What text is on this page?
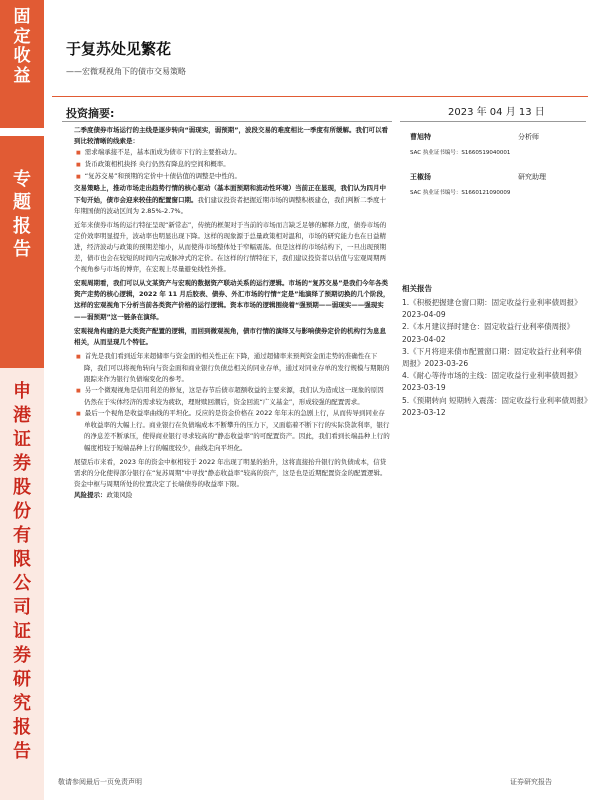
固
定
收
益
专
题
报
告
申
港
证
券
股
份
有
限
公
司
证
券
研
究
报
告
于复苏处见繁花
——宏微观视角下的债市交易策略
投资摘要:	2023 年 04 月 13 日

二季度债券市场运行的主线是逐步转向“弱现实，弱预期”，波段交易的难度相比一季度有所缓解。我们可以看到比较清晰的线索是：

■ 需求端承接不足，基本面成为债市下行的主要推动力。

■ 货币政策相机抉择 央行仍然有降息的空间和概率。

■ “复苏交易”和预期的定价中十债估值的调整是中性的。

交易策略上，推动市场走出趋势行情的核心驱动（基本面预期和流动性环境）当前正在显现，我们认为四月中下旬开始，债市会迎来较佳的配置窗口期。我们建议投资者把握近期市场的调整积极建仓，我们判断二季度十年期国债的波动区间为 2.85%-2.7%。

近年来债券市场的运行特征呈现“新常态”，传统的框架对于当前的市场而言缺乏足够的解释力度，债券市场的定价效率明显提升，波动率也明显出现下降。这样的现象源于总量政策相对温和，市场的研究能力也在日益精进，经济波动与政策的预期差缩小，从而使得市场整体处于窄幅震荡。但是这样的市场结构下，一旦出现预期差，债市也会在较短的时间内完成脉冲式的定价。在这样的行情特征下，我们建议投资者以估值与宏观周期两个视角参与市场的博弈，在宏观上尽量避免线性外推。

宏观周期看，我们可以从文某资产与宏观的数据资产联动关系的运行逻辑。市场的“复苏交易”是我们今年各类资产走势的核心逻辑，2022 年 11 月后胶表、债券、外汇市场的行情“定是”地演绎了预期切换的几个阶段，这样的宏观视角下分析当前各类资产价格的运行逻辑。资本市场的逻辑围绕着“强预期——弱现实——强现实——弱预期”这一链条在演绎。

宏观视角构建的是大类资产配置的逻辑，而回到微观视角，债市行情的演绎又与影响债券定价的机构行为息息相关，从而呈现几个特征。

■ 首先是我们看到近年来超储率与资金面的相关性正在下降，通过超储率来预判资金面走势的准确性在下降，我们可以将视角转向与资金面和商业银行负债总相关的同业存单，通过对同业存单的发行规模与期限的跟踪来作为银行负债端变化的参考。

■ 另一个微观视角是信用利差的修复，这是春节后债市超额收益的主要来源，我们认为造成这一现象的原因仍然在于实体经济的需求较为疲软，理财赎回潮后，资金回流“广义基金”，形成较强的配置需求。

■ 最后一个视角是收益率曲线的平坦化。反应的是资金价格在 2022 年年末的急剧上行，从而传导到同业存单收益率的大幅上行。商业银行在负债端成本不断攀升的压力下，又面临着不断下行的实际贷款利率，银行的净息差不断承压，使得商业银行寻求较高的“静态收益率”的可配置资产。因此，我们看到长端品种上行的幅度相较于短端品种上行的幅度较少，曲线走向平坦化。

展望后市来看，2023 年的资金中枢相较于 2022 年出现了明显的抬升，这将直接抬升银行的负债成本，信贷需求的分化使得部分银行在“复苏周期”中寻找“静态收益率”较高的资产，这是也是近期配置资金的配置逻辑。资金中枢与周期所处的位置决定了长端债券的收益率下限。

风险提示：政策风险

曹旭特	分析师
SAC 执业证书编号：S1660519040001
王椒扬	研究助理
SAC 执业证书编号：S1660121090009
相关报告
1.《积极把握建仓窗口期：固定收益行业利率债周报》2023-04-09
2.《本月建议择时建仓：固定收益行业利率债周报》2023-04-02
3.《下月将迎来债市配置窗口期：固定收益行业利率债周报》2023-03-26
4.《耐心等待市场的主线：固定收益行业利率债周报》2023-03-19
5.《预期转向 短期转入震荡：固定收益行业利率债周报》2023-03-12
敬请参阅最后一页免责声明	证券研究报告
